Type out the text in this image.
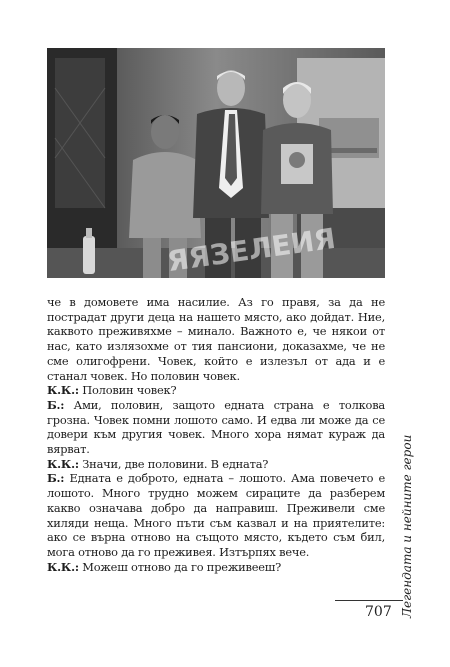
ЯЯЗЕЛЕИЯ

че в домовете има насилие. Аз го правя, за да не пострадат други деца на нашето място, ако дойдат. Ние, каквото преживяхме – минало. Важното е, че някои от нас, като излязохме от тия пансиони, доказахме, че не сме олигофрени. Човек, който е излезъл от ада и е станал човек. Но половин човек.

К.К.: Половин човек?

Б.: Ами, половин, защото едната страна е толкова грозна. Човек помни лошото само. И едва ли може да се довери към другия човек. Много хора нямат кураж да вярват.

К.К.: Значи, две половини. В едната?

Б.: Едната е доброто, едната – лошото. Ама повечето е лошото. Много трудно можем сираците да разберем какво означава добро да направиш. Преживели сме хиляди неща. Много пъти съм казвал и на приятелите: ако се върна отново на същото място, където съм бил, мога отново да го преживея. Изтърпях вече.

К.К.: Можеш отново да го преживееш?	Легендата и нейните герои
707
